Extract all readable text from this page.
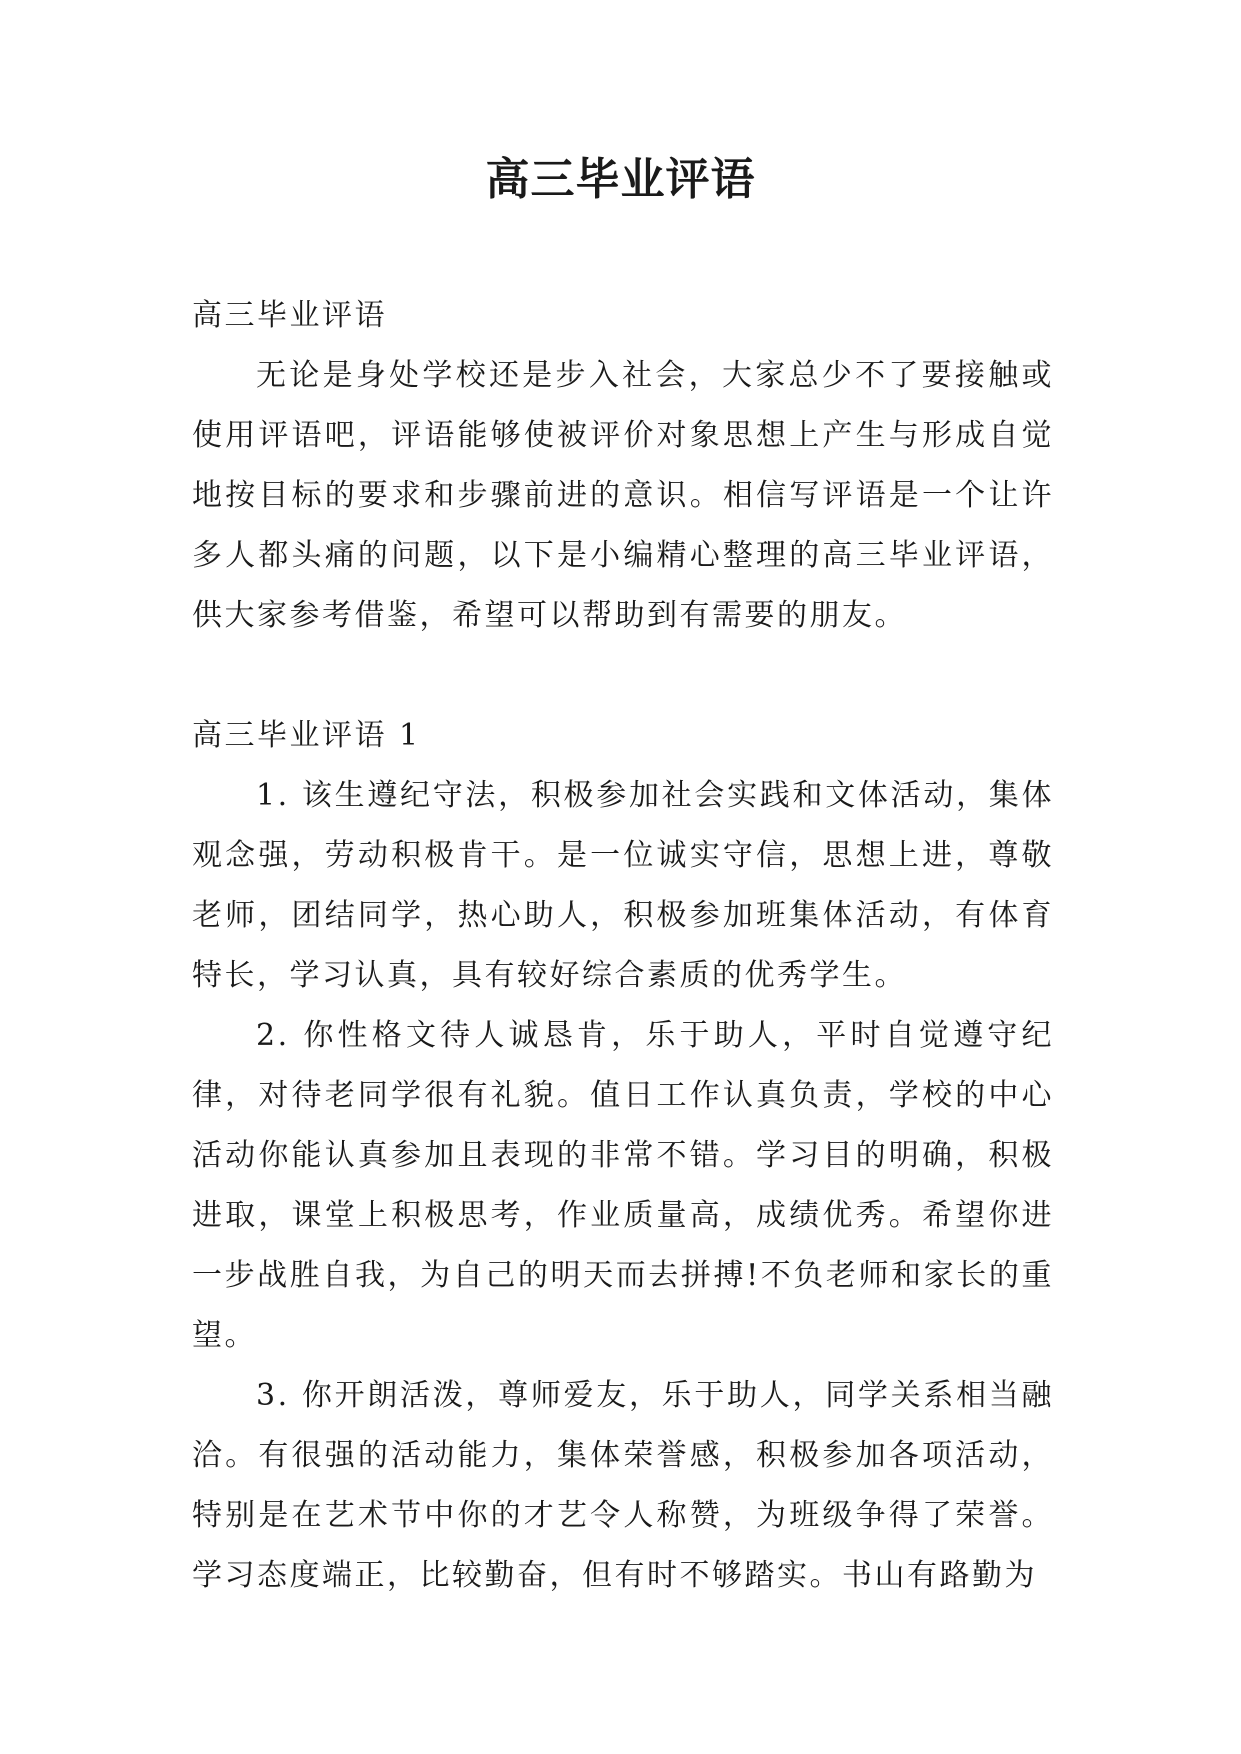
高三毕业评语

高三毕业评语

无论是身处学校还是步入社会，大家总少不了要接触或使用评语吧，评语能够使被评价对象思想上产生与形成自觉地按目标的要求和步骤前进的意识。相信写评语是一个让许多人都头痛的问题，以下是小编精心整理的高三毕业评语，供大家参考借鉴，希望可以帮助到有需要的朋友。

高三毕业评语 1

1. 该生遵纪守法，积极参加社会实践和文体活动，集体观念强，劳动积极肯干。是一位诚实守信，思想上进，尊敬老师，团结同学，热心助人，积极参加班集体活动，有体育特长，学习认真，具有较好综合素质的优秀学生。

2. 你性格文待人诚恳肯，乐于助人，平时自觉遵守纪律，对待老同学很有礼貌。值日工作认真负责，学校的中心活动你能认真参加且表现的非常不错。学习目的明确，积极进取，课堂上积极思考，作业质量高，成绩优秀。希望你进一步战胜自我，为自己的明天而去拼搏!不负老师和家长的重望。

3. 你开朗活泼，尊师爱友，乐于助人，同学关系相当融洽。有很强的活动能力，集体荣誉感，积极参加各项活动，特别是在艺术节中你的才艺令人称赞，为班级争得了荣誉。学习态度端正，比较勤奋，但有时不够踏实。书山有路勤为
